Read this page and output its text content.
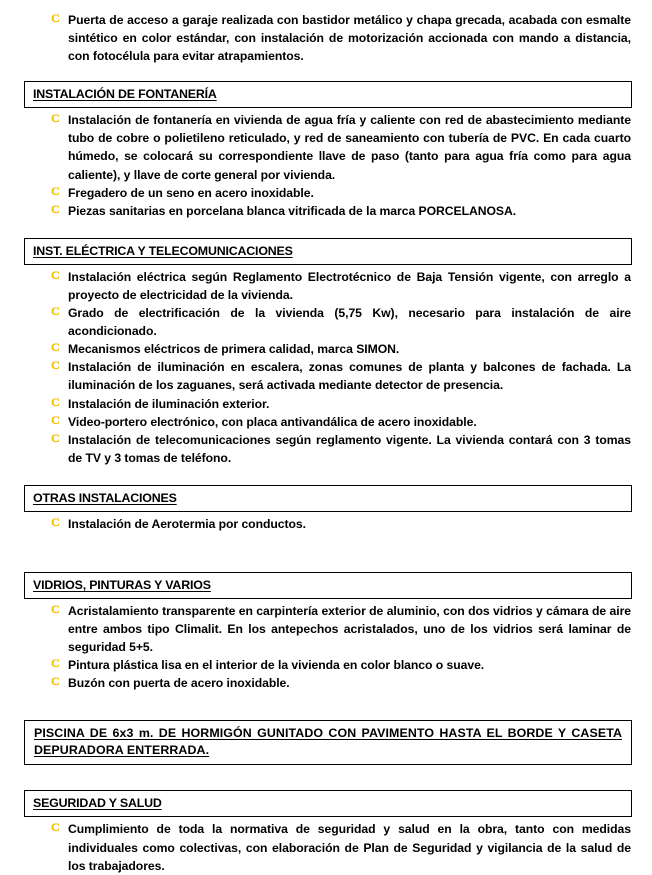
C Puerta de acceso a garaje realizada con bastidor metálico y chapa grecada, acabada con esmalte sintético en color estándar, con instalación de motorización accionada con mando a distancia, con fotocélula para evitar atrapamientos.
INSTALACIÓN DE FONTANERÍA
C Instalación de fontanería en vivienda de agua fría y caliente con red de abastecimiento mediante tubo de cobre o polietileno reticulado, y red de saneamiento con tubería de PVC. En cada cuarto húmedo, se colocará su correspondiente llave de paso (tanto para agua fría como para agua caliente), y llave de corte general por vivienda.
C Fregadero de un seno en acero inoxidable.
C Piezas sanitarias en porcelana blanca vitrificada de la marca PORCELANOSA.
INST. ELÉCTRICA Y TELECOMUNICACIONES
C Instalación eléctrica según Reglamento Electrotécnico de Baja Tensión vigente, con arreglo a proyecto de electricidad de la vivienda.
C Grado de electrificación de la vivienda (5,75 Kw), necesario para instalación de aire acondicionado.
C Mecanismos eléctricos de primera calidad, marca SIMON.
C Instalación de iluminación en escalera, zonas comunes de planta y balcones de fachada. La iluminación de los zaguanes, será activada mediante detector de presencia.
C Instalación de iluminación exterior.
C Video-portero electrónico, con placa antivandálica de acero inoxidable.
C Instalación de telecomunicaciones según reglamento vigente. La vivienda contará con 3 tomas de TV y 3 tomas de teléfono.
OTRAS INSTALACIONES
C Instalación de Aerotermia por conductos.
VIDRIOS, PINTURAS Y VARIOS
C Acristalamiento transparente en carpintería exterior de aluminio, con dos vidrios y cámara de aire entre ambos tipo Climalit. En los antepechos acristalados, uno de los vidrios será laminar de seguridad 5+5.
C Pintura plástica lisa en el interior de la vivienda en color blanco o suave.
C Buzón con puerta de acero inoxidable.
PISCINA DE 6x3 m. DE HORMIGÓN GUNITADO CON PAVIMENTO HASTA EL BORDE Y CASETA DEPURADORA ENTERRADA.
SEGURIDAD Y SALUD
C Cumplimiento de toda la normativa de seguridad y salud en la obra, tanto con medidas individuales como colectivas, con elaboración de Plan de Seguridad y vigilancia de la salud de los trabajadores.
